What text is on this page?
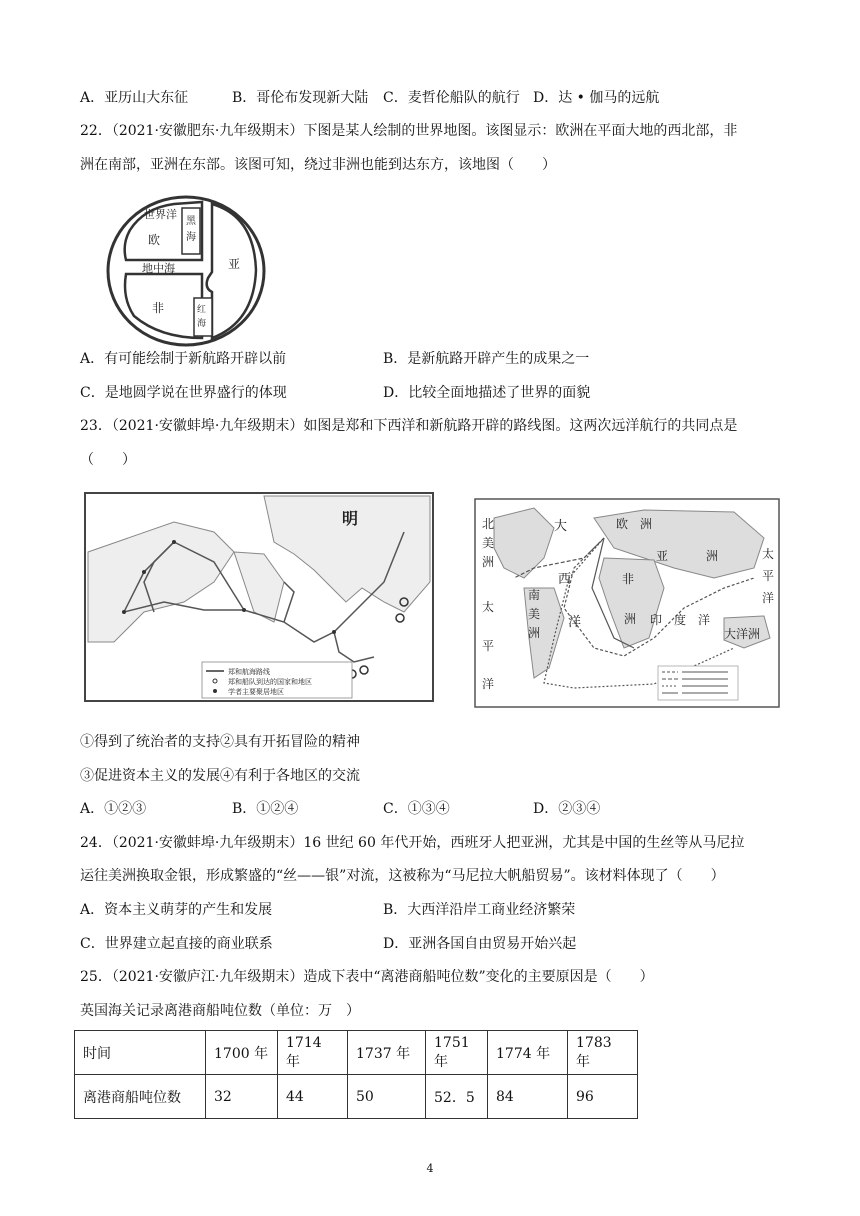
A．亚历山大东征	B．哥伦布发现新大陆 C．麦哲伦船队的航行 D．达 • 伽马的远航
22．（2021·安徽肥东·九年级期末）下图是某人绘制的世界地图。该图显示：欧洲在平面大地的西北部，非
洲在南部，亚洲在东部。该图可知，绕过非洲也能到达东方，该地图（　　）
世界洋
欧
黑
海
地中海	亚
非	红
海
A．有可能绘制于新航路开辟以前	B．是新航路开辟产生的成果之一
C．是地圆学说在世界盛行的体现	D．比较全面地描述了世界的面貌
23．（2021·安徽蚌埠·九年级期末）如图是郑和下西洋和新航路开辟的路线图。这两次远洋航行的共同点是
（　　）
明
郑和航海路线
郑和船队到达的国家和地区
学者主要聚居地区
北
美
洲
太
平
洋
大
西
洋
欧　洲
亚	洲
非
洲
南
美
洲
印　度　洋
大洋洲
太
平
洋
①得到了统治者的支持②具有开拓冒险的精神
③促进资本主义的发展④有利于各地区的交流
A．①②③	B．①②④	C．①③④	D．②③④
24．（2021·安徽蚌埠·九年级期末）16 世纪 60 年代开始，西班牙人把亚洲，尤其是中国的生丝等从马尼拉
运往美洲换取金银，形成繁盛的“丝——银”对流，这被称为“马尼拉大帆船贸易”。该材料体现了（　　）
A．资本主义萌芽的产生和发展	B．大西洋沿岸工商业经济繁荣
C．世界建立起直接的商业联系	D．亚洲各国自由贸易开始兴起
25．（2021·安徽庐江·九年级期末）造成下表中“离港商船吨位数”变化的主要原因是（　　）
英国海关记录离港商船吨位数（单位：万　）
时间	1700 年	1714 年	1737 年	1751 年	1774 年	1783 年
离港商船吨位数	32	44	50	52．5	84	96
4
